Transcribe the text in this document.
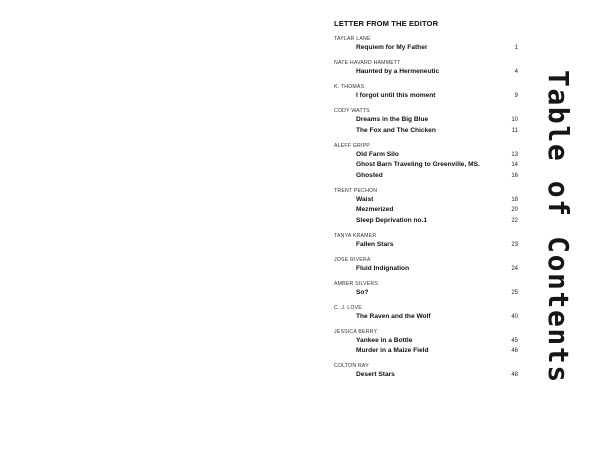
LETTER FROM THE EDITOR
TAYLAR LANE
Requiem for My Father	1
NATE HAVARD HAMMETT
Haunted by a Hermeneutic	4
K. THOMAS
I forgot until this moment	9
CODY WATTS
Dreams in the Big Blue	10
The Fox and The Chicken	11
ALEFF GRIPP
Old Farm Silo	13
Ghost Barn Traveling to Greenville, MS.	14
Ghosted	16
TRENT PECHON
Waist	18
Mezmerized	20
Sleep Deprivation no.1	22
TANYA KRAMER
Fallen Stars	23
JOSE RIVERA
Fluid Indignation	24
AMBER SILVERS
So?	25
C. J. LOVE
The Raven and the Wolf	40
JESSICA BERRY
Yankee in a Bottle	45
Murder in a Maize Field	46
COLTON RAY
Desert Stars	48 Table of Contents
